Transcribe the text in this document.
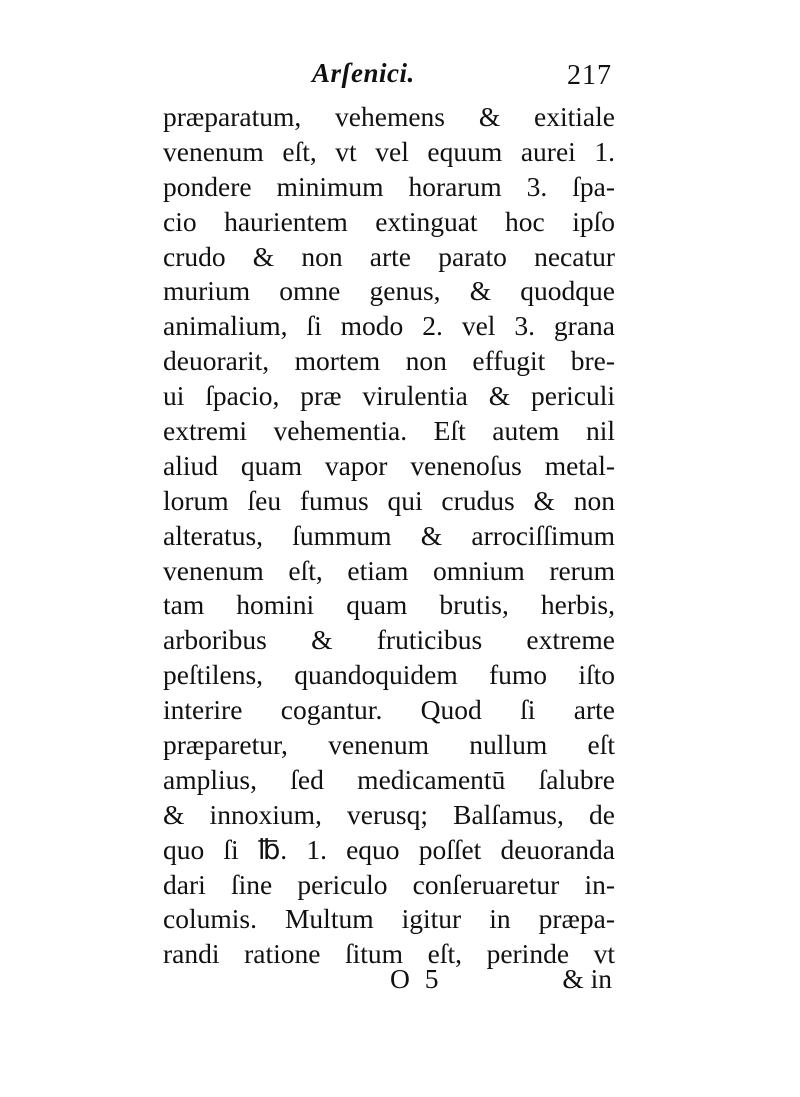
Arſenici.	217
præparatum, vehemens & exitiale
venenum eſt, vt vel equum aurei 1.
pondere minimum horarum 3. ſpa-
cio haurientem extinguat hoc ipſo
crudo & non arte parato necatur
murium omne genus, & quodque
animalium, ſi modo 2. vel 3. grana
deuorarit, mortem non effugit bre-
ui ſpacio, præ virulentia & periculi
extremi vehementia. Eſt autem nil
aliud quam vapor venenoſus metal-
lorum ſeu fumus qui crudus & non
alteratus, ſummum & arrociſſimum
venenum eſt, etiam omnium rerum
tam homini quam brutis, herbis,
arboribus & fruticibus extreme
peſtilens, quandoquidem fumo iſto
interire cogantur. Quod ſi arte
præparetur, venenum nullum eſt
amplius, ſed medicamentū ſalubre
& innoxium, verusq; Balſamus, de
quo ſi ℔. 1. equo poſſet deuoranda
dari ſine periculo conſeruaretur in-
columis. Multum igitur in præpa-
randi ratione ſitum eſt, perinde vt
O 5	& in
